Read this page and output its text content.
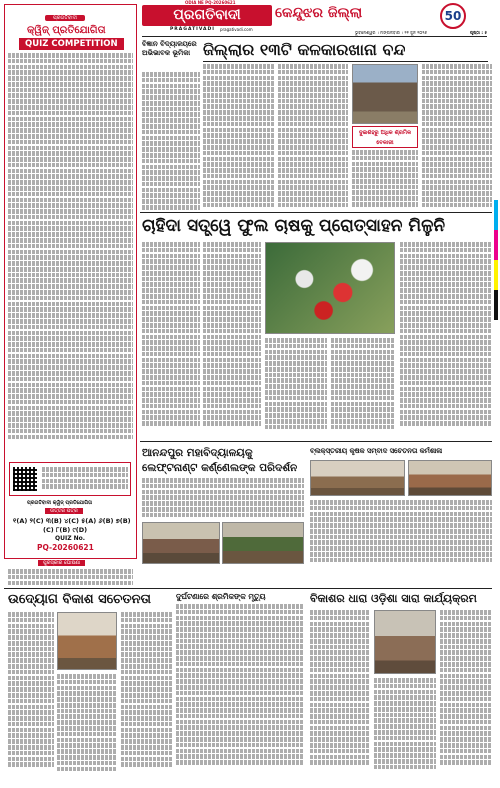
ODIA NE PQ-20260621
ପ୍ରଗତିବାଦୀ
PRAGATIVADI pragativadi.com
କେନ୍ଦୁଝର ଜିଲ୍ଲା	50
ଭୁବନେଶ୍ୱର । ମଙ୍ଗଳବାର । ୨୧ ଜୁନ ୨୦୨୬	ପୃଷ୍ଠା : ୫
ପ୍ରଗତିବାଦୀ
କ୍ୱିଜ୍ ପ୍ରତିଯୋଗିତା
QUIZ COMPETITION
ପ୍ରଗତିବାଦୀ କ୍ୱିଜ୍ ପ୍ରତିଯୋଗିତା
ଉତ୍ତର ପତ୍ର
୧(A) ୨(C) ୩(B) ୪(C) ୫(A) ୬(B) ୭(B)
(C) ୮(B) ୯(D)
QUIZ No.
PQ-20260621
ପୁରସ୍କାର ଘୋଷଣା
ବିଜ୍ଞାନ ବିଦ୍ୟାଳୟରେ ଅଭିଭାବକ ଭୂମିକା ଜିଲ୍ଲାର ୧୩ଟି କଳକାରଖାନା ବନ୍ଦ
ଦୁଇଶହରୁ ଅଧିକ ଶ୍ରମିକ ବେକାରୀ
ଚାହିଦା ସତ୍ତ୍ୱେ ଫୁଲ ଚାଷକୁ ପ୍ରୋତ୍ସାହନ ମିଳୁନି
ଆନନ୍ଦପୁର ମହାବିଦ୍ୟାଳୟକୁ
ଲେଫ୍ଟନାଣ୍ଟ କର୍ଣ୍ଣେଲଙ୍କ ପରିଦର୍ଶନ
ବ୍ଲକ୍‌ସ୍ତରୀୟ କୃଷକ ସମ୍ବାଦ ସଚେତନତା କର୍ମଶାଳା
ଉଦ୍ୟୋଗ ବିକାଶ ସଚେତନତା	ଦୁର୍ଘଟଣାରେ ଶ୍ରମିକଙ୍କ ମୃତ୍ୟୁ	ବିକାଶର ଧାରା ଓଡ଼ିଶା ସାରା କାର୍ଯ୍ୟକ୍ରମ
